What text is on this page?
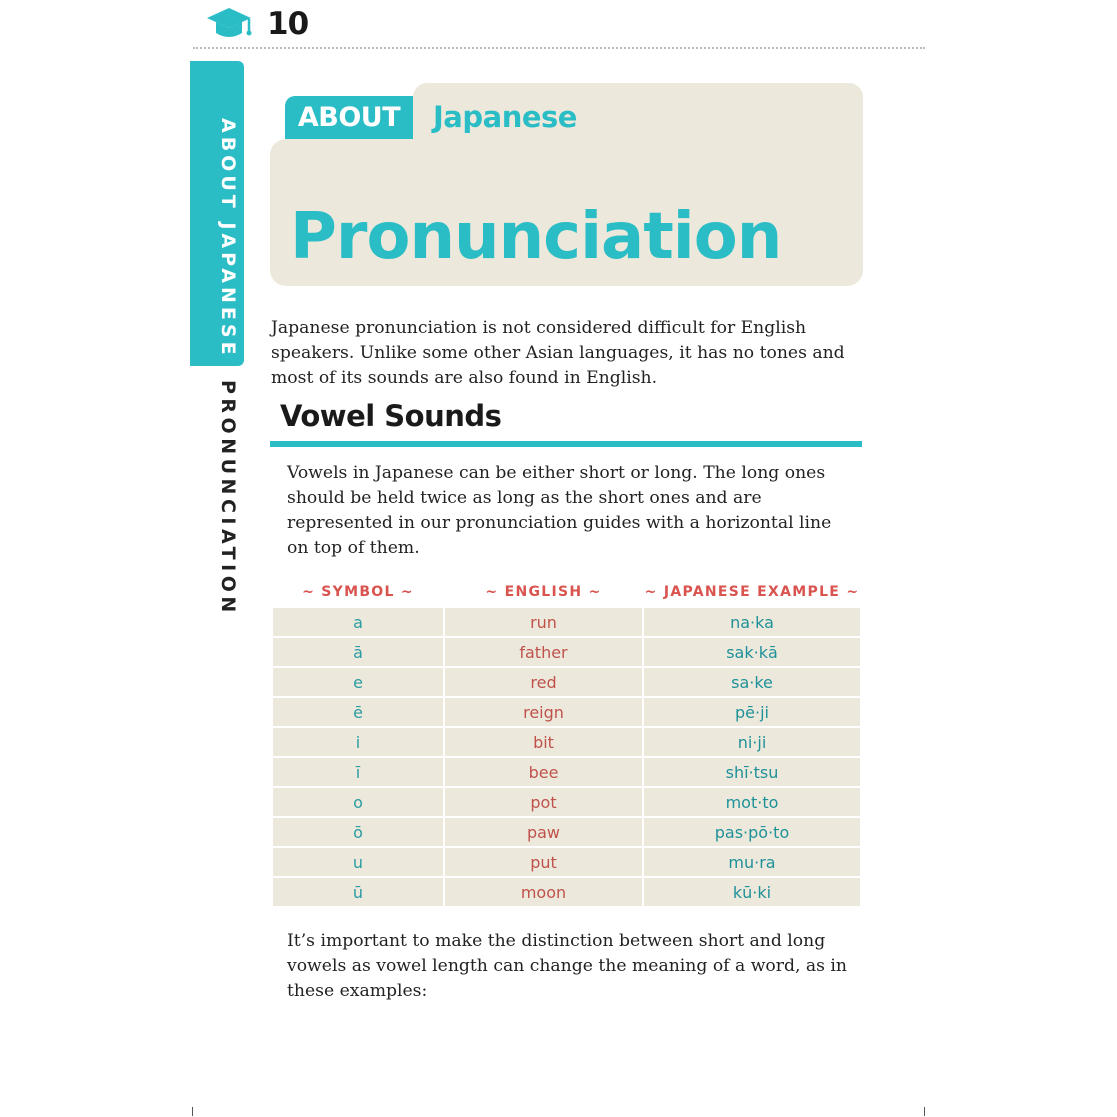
10
ABOUT JAPANESE
PRONUNCIATION
ABOUT	Japanese
Pronunciation
Japanese pronunciation is not considered difficult for English speakers. Unlike some other Asian languages, it has no tones and most of its sounds are also found in English.
Vowel Sounds
Vowels in Japanese can be either short or long. The long ones should be held twice as long as the short ones and are represented in our pronunciation guides with a horizontal line on top of them.
~ SYMBOL ~	~ ENGLISH ~	~ JAPANESE EXAMPLE ~
a	run	na·ka
ā	father	sak·kā
e	red	sa·ke
ē	reign	pē·ji
i	bit	ni·ji
ī	bee	shī·tsu
o	pot	mot·to
ō	paw	pas·pō·to
u	put	mu·ra
ū	moon	kū·ki
It’s important to make the distinction between short and long vowels as vowel length can change the meaning of a word, as in these examples:
